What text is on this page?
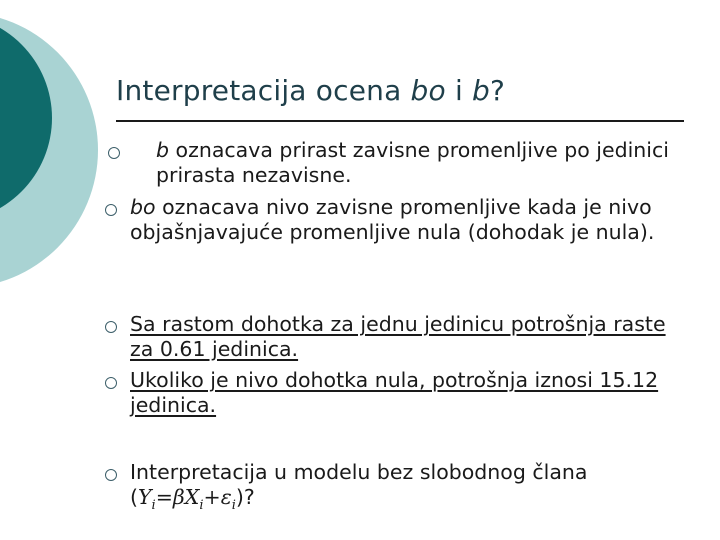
Interpretacija ocena bo i b?
b oznacava prirast zavisne promenljive po jedinici prirasta nezavisne.
bo oznacava nivo zavisne promenljive kada je nivo objašnjavajuće promenljive nula (dohodak je nula).
Sa rastom dohotka za jednu jedinicu potrošnja raste za 0.61 jedinica.
Ukoliko je nivo dohotka nula, potrošnja iznosi 15.12 jedinica.
Interpretacija u modelu bez slobodnog člana
$(Y_i=\beta X_i+\varepsilon_i)$?
